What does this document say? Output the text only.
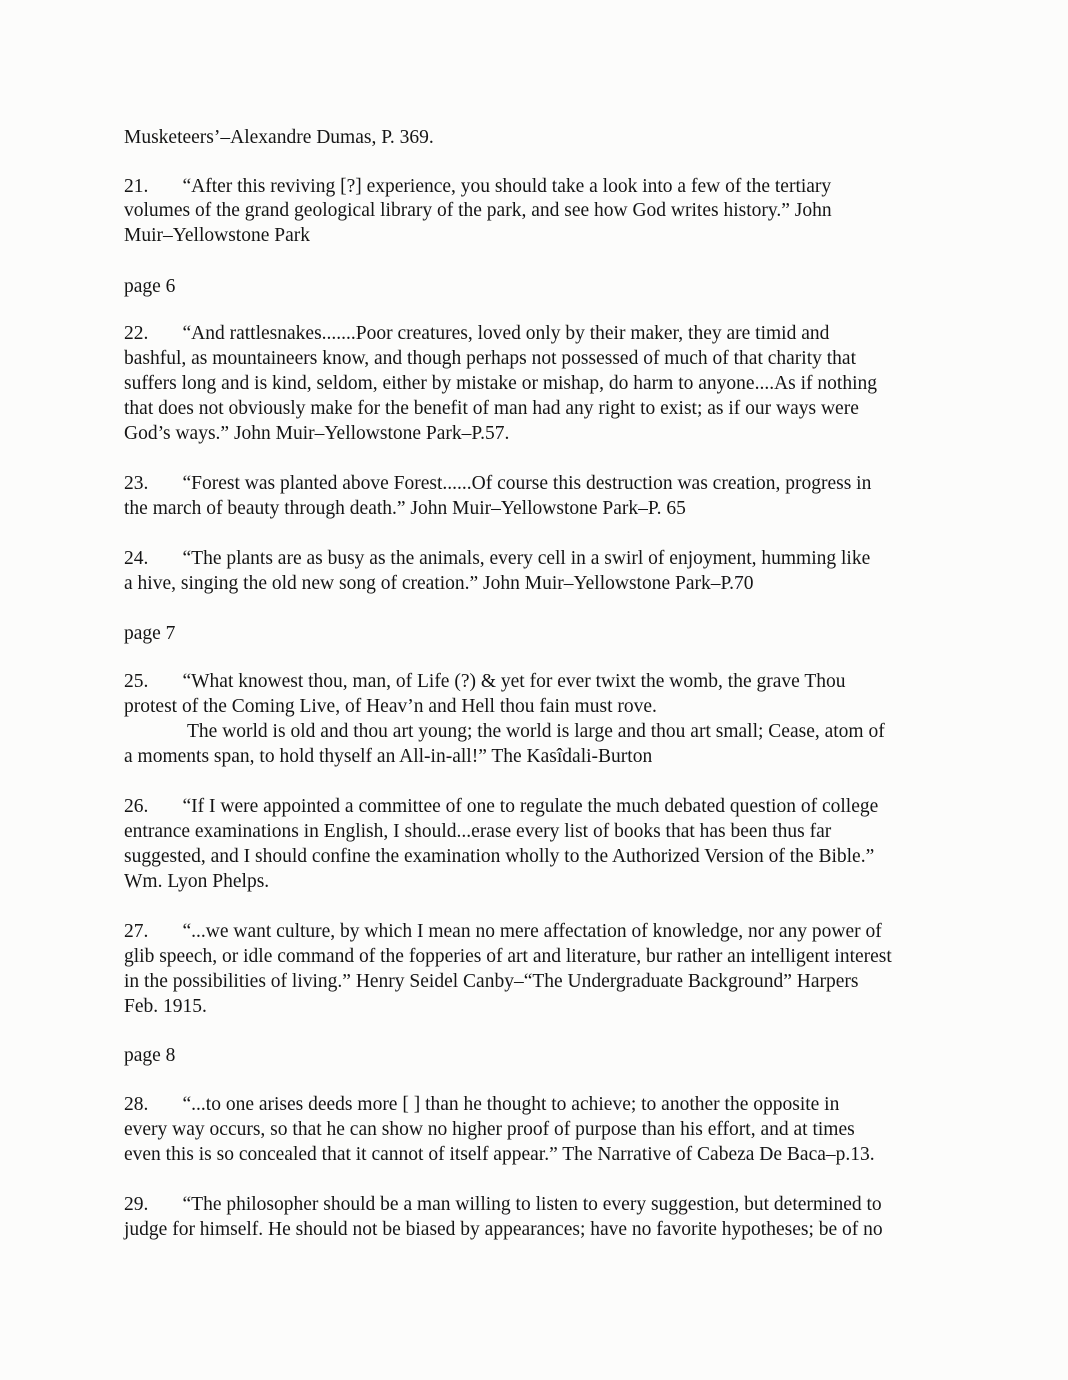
Musketeers’–Alexandre Dumas, P. 369.

21.       “After this reviving [?] experience, you should take a look into a few of the tertiary

volumes of the grand geological library of the park, and see how God writes history.” John

Muir–Yellowstone Park

page 6

22.       “And rattlesnakes.......Poor creatures, loved only by their maker, they are timid and

bashful, as mountaineers know, and though perhaps not possessed of much of that charity that

suffers long and is kind, seldom, either by mistake or mishap, do harm to anyone....As if nothing

that does not obviously make for the benefit of man had any right to exist; as if our ways were

God’s ways.” John Muir–Yellowstone Park–P.57.

23.       “Forest was planted above Forest......Of course this destruction was creation, progress in

the march of beauty through death.” John Muir–Yellowstone Park–P. 65

24.       “The plants are as busy as the animals, every cell in a swirl of enjoyment, humming like

a hive, singing the old new song of creation.” John Muir–Yellowstone Park–P.70

page 7

25.       “What knowest thou, man, of Life (?) & yet for ever twixt the womb, the grave Thou

protest of the Coming Live, of Heav’n and Hell thou fain must rove.

The world is old and thou art young; the world is large and thou art small; Cease, atom of

a moments span, to hold thyself an All-in-all!” The Kasîdali-Burton

26.       “If I were appointed a committee of one to regulate the much debated question of college

entrance examinations in English, I should...erase every list of books that has been thus far

suggested, and I should confine the examination wholly to the Authorized Version of the Bible.”

Wm. Lyon Phelps.

27.       “...we want culture, by which I mean no mere affectation of knowledge, nor any power of

glib speech, or idle command of the fopperies of art and literature, bur rather an intelligent interest

in the possibilities of living.” Henry Seidel Canby–“The Undergraduate Background” Harpers

Feb. 1915.

page 8

28.       “...to one arises deeds more [ ] than he thought to achieve; to another the opposite in

every way occurs, so that he can show no higher proof of purpose than his effort, and at times

even this is so concealed that it cannot of itself appear.” The Narrative of Cabeza De Baca–p.13.

29.       “The philosopher should be a man willing to listen to every suggestion, but determined to

judge for himself. He should not be biased by appearances; have no favorite hypotheses; be of no
